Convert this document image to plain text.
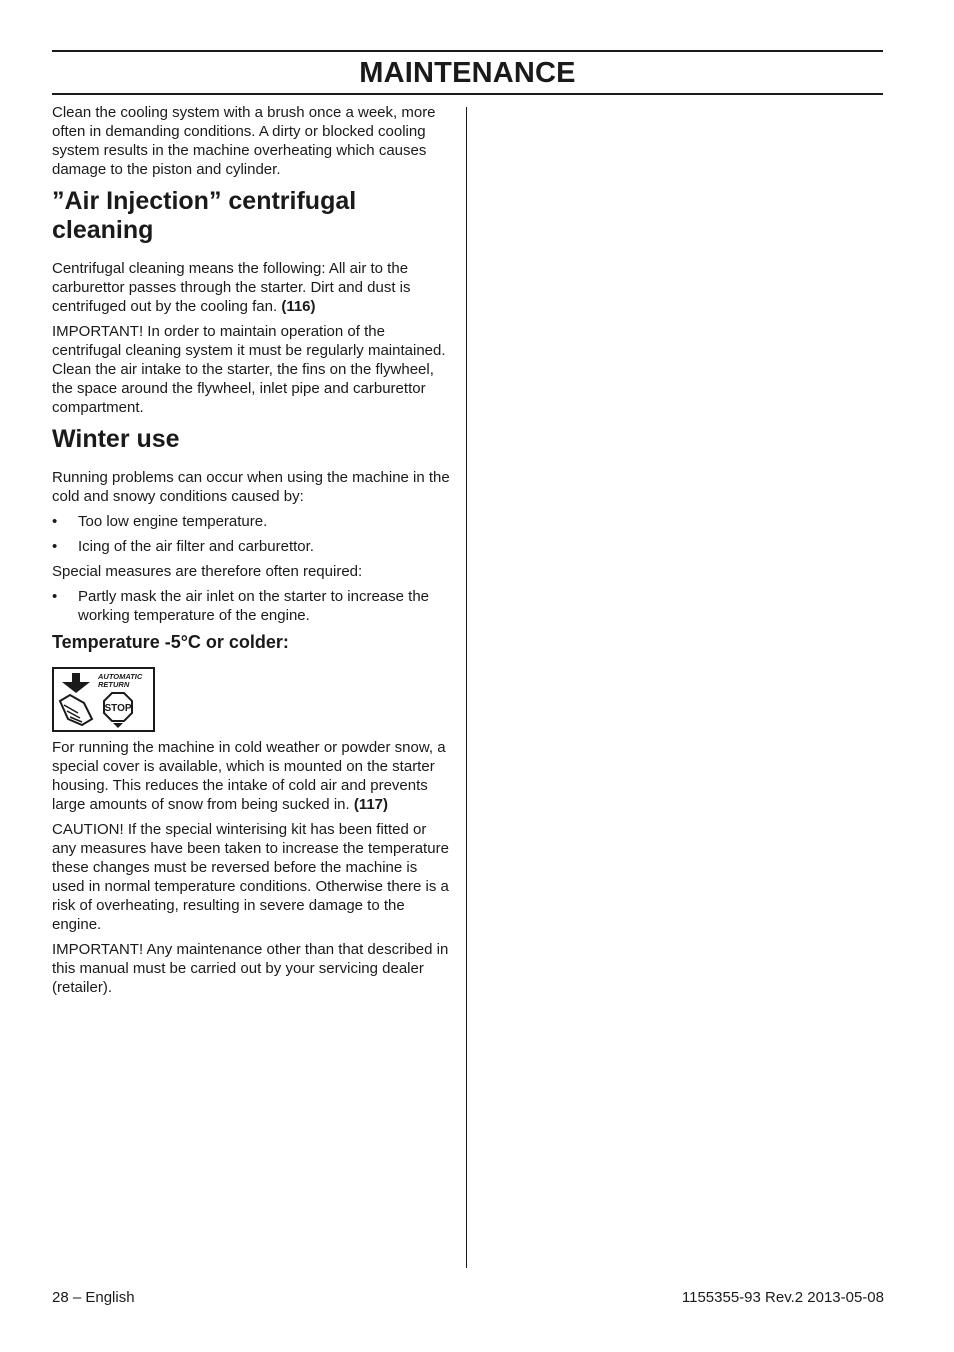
MAINTENANCE

Clean the cooling system with a brush once a week, more often in demanding conditions. A dirty or blocked cooling system results in the machine overheating which causes damage to the piston and cylinder.

”Air Injection” centrifugal cleaning

Centrifugal cleaning means the following: All air to the carburettor passes through the starter. Dirt and dust is centrifuged out by the cooling fan. (116)

IMPORTANT! In order to maintain operation of the centrifugal cleaning system it must be regularly maintained. Clean the air intake to the starter, the fins on the flywheel, the space around the flywheel, inlet pipe and carburettor compartment.

Winter use

Running problems can occur when using the machine in the cold and snowy conditions caused by:

•	Too low engine temperature.
•	Icing of the air filter and carburettor.

Special measures are therefore often required:

•	Partly mask the air inlet on the starter to increase the working temperature of the engine.
Temperature -5°C or colder:
AUTOMATIC
RETURN
STOP

For running the machine in cold weather or powder snow, a special cover is available, which is mounted on the starter housing. This reduces the intake of cold air and prevents large amounts of snow from being sucked in. (117)

CAUTION! If the special winterising kit has been fitted or any measures have been taken to increase the temperature these changes must be reversed before the machine is used in normal temperature conditions. Otherwise there is a risk of overheating, resulting in severe damage to the engine.

IMPORTANT! Any maintenance other than that described in this manual must be carried out by your servicing dealer (retailer).

28 – English	1155355-93 Rev.2 2013-05-08
